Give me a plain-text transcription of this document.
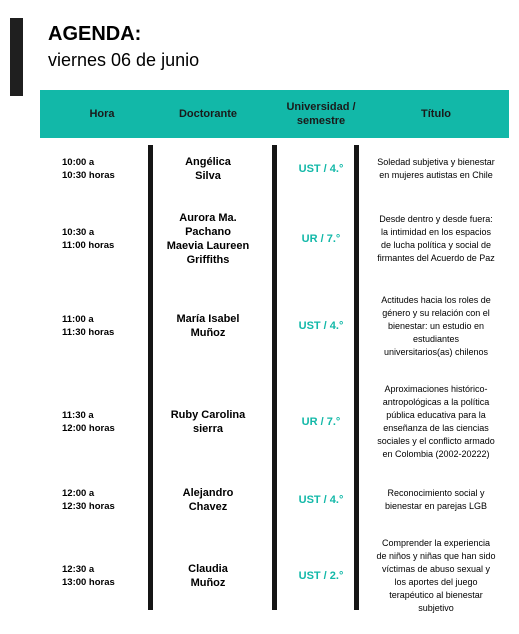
AGENDA:
viernes 06 de junio
Hora	Doctorante
Universidad /
semestre
Título
10:00 a
10:30 horas
Angélica
Silva
UST / 4.°
Soledad subjetiva y bienestar
en mujeres autistas en Chile
10:30 a
11:00 horas
Aurora Ma.
Pachano
Maevia Laureen
Griffiths
UR / 7.°
Desde dentro y desde fuera:
la intimidad en los espacios
de lucha política y social de
firmantes del Acuerdo de Paz
11:00 a
11:30 horas
María Isabel
Muñoz
UST / 4.°
Actitudes hacia los roles de
género y su relación con el
bienestar: un estudio en
estudiantes
universitarios(as) chilenos
11:30 a
12:00 horas
Ruby Carolina
sierra
UR / 7.°
Aproximaciones histórico-
antropológicas a la política
pública educativa para la
enseñanza de las ciencias
sociales y el conflicto armado
en Colombia (2002-20222)
12:00 a
12:30 horas
Alejandro
Chavez
UST / 4.°
Reconocimiento social y
bienestar en parejas LGB
12:30 a
13:00 horas
Claudia
Muñoz
UST / 2.°
Comprender la experiencia
de niños y niñas que han sido
víctimas de abuso sexual y
los aportes del juego
terapéutico al bienestar
subjetivo
